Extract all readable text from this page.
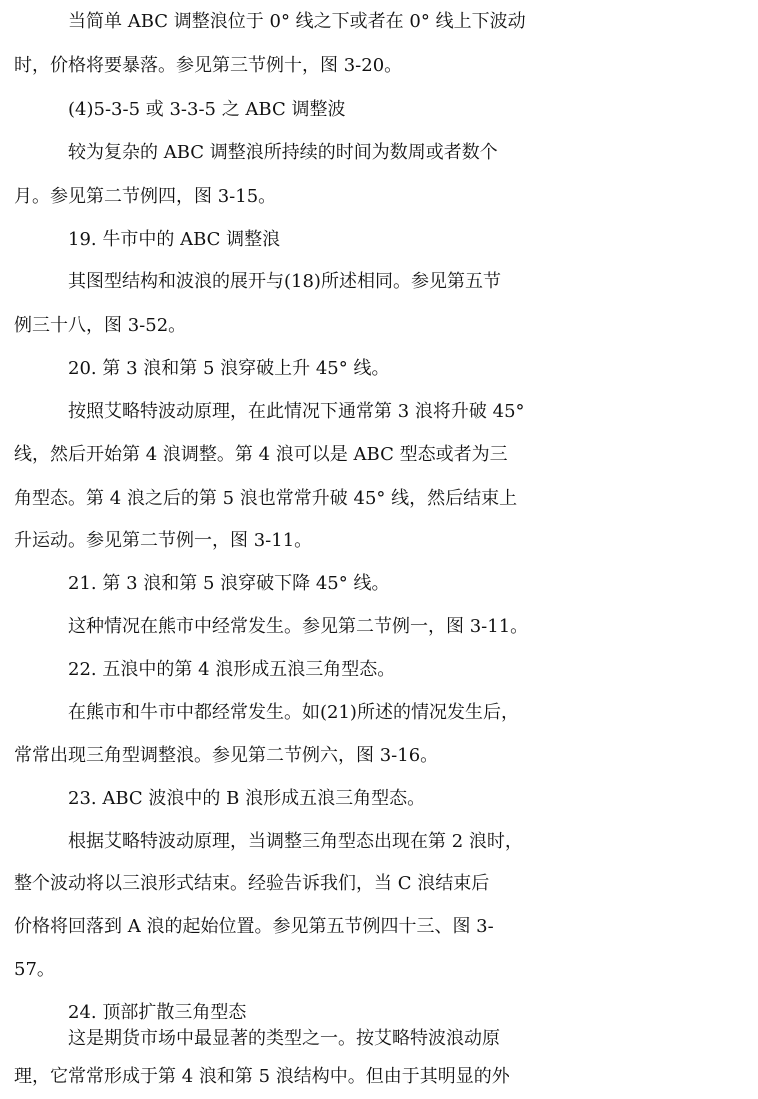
当简单 ABC 调整浪位于 0° 线之下或者在 0° 线上下波动
时，价格将要暴落。参见第三节例十，图 3-20。
(4)5-3-5 或 3-3-5 之 ABC 调整波
较为复杂的 ABC 调整浪所持续的时间为数周或者数个
月。参见第二节例四，图 3-15。
19. 牛市中的 ABC 调整浪
其图型结构和波浪的展开与(18)所述相同。参见第五节
例三十八，图 3-52。
20. 第 3 浪和第 5 浪穿破上升 45° 线。
按照艾略特波动原理，在此情况下通常第 3 浪将升破 45°
线，然后开始第 4 浪调整。第 4 浪可以是 ABC 型态或者为三
角型态。第 4 浪之后的第 5 浪也常常升破 45° 线，然后结束上
升运动。参见第二节例一，图 3-11。
21. 第 3 浪和第 5 浪穿破下降 45° 线。
这种情况在熊市中经常发生。参见第二节例一，图 3-11。
22. 五浪中的第 4 浪形成五浪三角型态。
在熊市和牛市中都经常发生。如(21)所述的情况发生后，
常常出现三角型调整浪。参见第二节例六，图 3-16。
23. ABC 波浪中的 B 浪形成五浪三角型态。
根据艾略特波动原理，当调整三角型态出现在第 2 浪时，
整个波动将以三浪形式结束。经验告诉我们，当 C 浪结束后
价格将回落到 A 浪的起始位置。参见第五节例四十三、图 3-
57。
24. 顶部扩散三角型态
这是期货市场中最显著的类型之一。按艾略特波浪动原
理，它常常形成于第 4 浪和第 5 浪结构中。但由于其明显的外
